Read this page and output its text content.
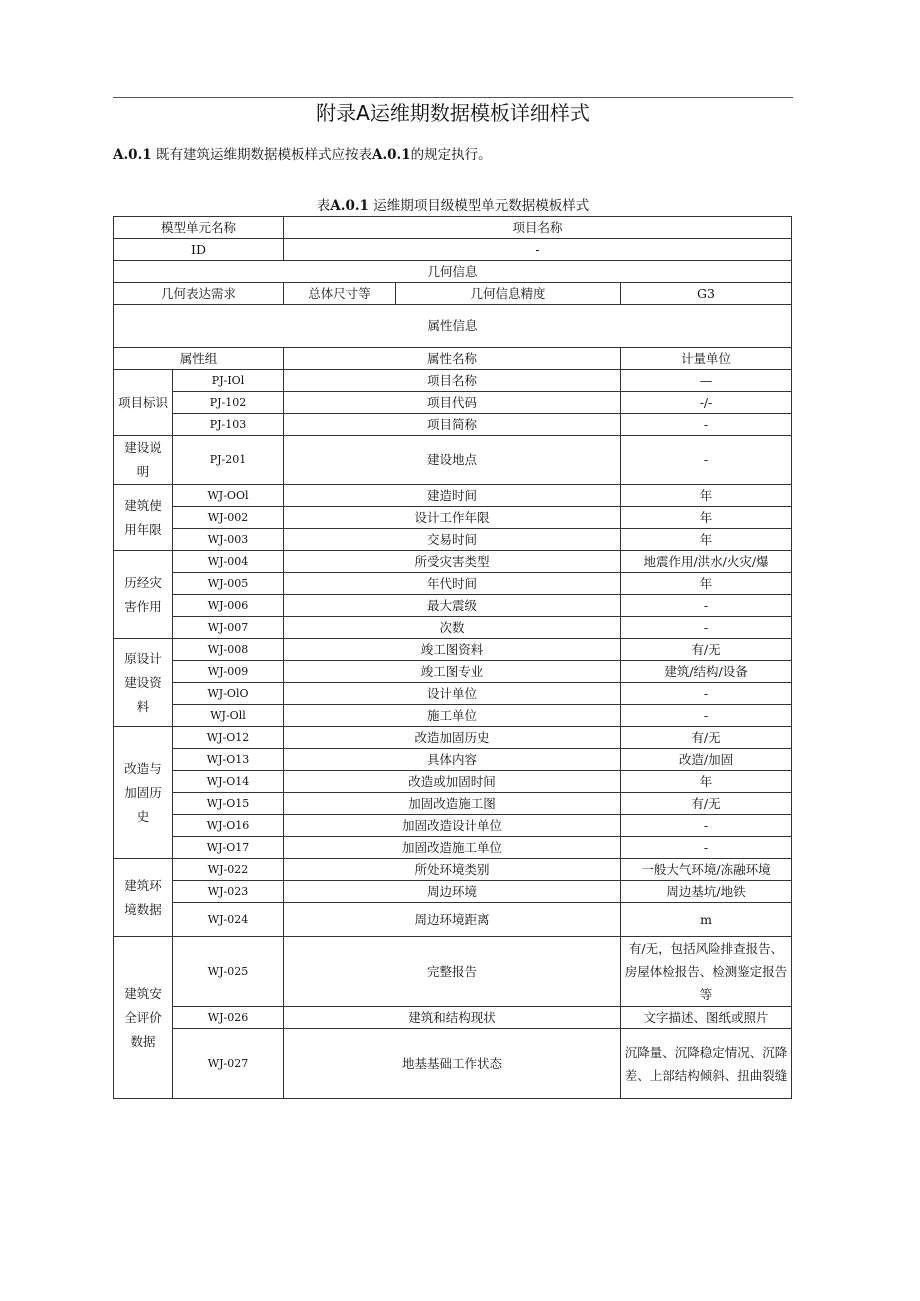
附录A运维期数据模板详细样式
A.0.1 既有建筑运维期数据模板样式应按表A.0.1的规定执行。
表A.0.1 运维期项目级模型单元数据模板样式
模型单元名称		项目名称		
ID		-		
几何信息				
几何表达需求		总体尺寸等	几何信息精度	G3
属性信息				
属性组		属性名称		计量单位
项目标识	PJ-IOl	项目名称		—
	PJ-102	项目代码		-/-
	PJ-103	项目简称		-
建设说明	PJ-201	建设地点		-
建筑使用年限	WJ-OOl	建造时间		年
	WJ-002	设计工作年限		年
	WJ-003	交易时间		年
历经灾害作用	WJ-004	所受灾害类型		地震作用/洪水/火灾/爆
	WJ-005	年代时间		年
	WJ-006	最大震级		-
	WJ-007	次数		-
原设计建设资料	WJ-008	竣工图资料		有/无
	WJ-009	竣工图专业		建筑/结构/设备
	WJ-OlO	设计单位		-
	WJ-Oll	施工单位		-
改造与加固历史	WJ-O12	改造加固历史		有/无
	WJ-O13	具体内容		改造/加固
	WJ-O14	改造或加固时间		年
	WJ-O15	加固改造施工图		有/无
	WJ-O16	加固改造设计单位		-
	WJ-O17	加固改造施工单位		-
建筑环境数据	WJ-022	所处环境类别		一般大气环境/冻融环境
	WJ-023	周边环境		周边基坑/地铁
	WJ-024	周边环境距离		m
建筑安全评价数据	WJ-025	完整报告		有/无，包括风险排查报告、房屋体检报告、检测鉴定报告等
	WJ-026	建筑和结构现状		文字描述、图纸或照片
	WJ-027	地基基础工作状态		沉降量、沉降稳定情况、沉降差、上部结构倾斜、扭曲裂缝
